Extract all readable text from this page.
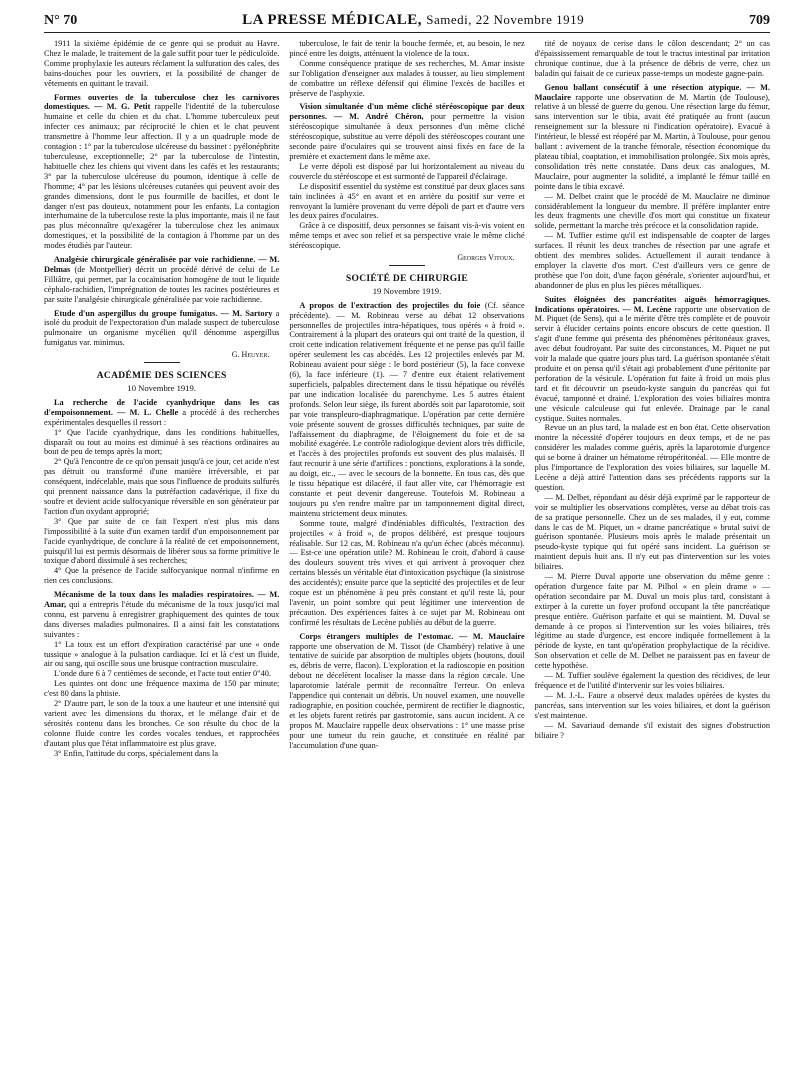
N° 70	LA PRESSE MÉDICALE, Samedi, 22 Novembre 1919	709

1911 la sixième épidémie de ce genre qui se produit au Havre. Chez le malade, le traitement de la gale suffit pour tuer le pédiculoïde. Comme prophylaxie les auteurs réclament la sulfuration des cales, des bains-douches pour les ouvriers, et la possibilité de changer de vêtements en quittant le travail.

Formes ouvertes de la tuberculose chez les carnivores domestiques. — M. G. Petit rappelle l'identité de la tuberculose humaine et celle du chien et du chat. L'homme tuberculeux peut infecter ces animaux; par réciprocité le chien et le chat peuvent transmettre à l'homme leur affection. Il y a un quadruple mode de contagion : 1° par la tuberculose ulcéreuse du bassinet : pyélonéphrite tuberculeuse, exceptionnelle; 2° par la tuberculose de l'intestin, habituelle chez les chiens qui vivent dans les cafés et les restaurants; 3° par la tuberculose ulcéreuse du poumon, identique à celle de l'homme; 4° par les lésions ulcéreuses cutanées qui peuvent avoir des grandes dimensions, dont le pus fourmille de bacilles, et dont le danger n'est pas douteux, notamment pour les enfants. La contagion interhumaine de la tuberculose reste la plus importante, mais il ne faut pas plus méconnaître qu'exagérer la tuberculose chez les animaux domestiques, et la possibilité de la contagion à l'homme par un des modes étudiés par l'auteur.

Analgésie chirurgicale généralisée par voie rachidienne. — M. Delmas (de Montpellier) décrit un procédé dérivé de celui de Le Filliâtre, qui permet, par la cocaïnisation homogène de tout le liquide céphalo-rachidien, l'imprégnation de toutes les racines postérieures et par suite l'analgésie chirurgicale généralisée par voie rachidienne.

Etude d'un aspergillus du groupe fumigatus. — M. Sartory a isolé du produit de l'expectoration d'un malade suspect de tuberculose pulmonaire un organisme mycélien qu'il dénomme aspergillus fumigatus var. minimus.

G. Heuyer.
ACADÉMIE DES SCIENCES
10 Novembre 1919.

La recherche de l'acide cyanhydrique dans les cas d'empoisonnement. — M. L. Chelle a procédé à des recherches expérimentales desquelles il ressort :

1° Que l'acide cyanhydrique, dans les conditions habituelles, disparaît ou tout au moins est diminué à ses réactions ordinaires au bout de peu de temps après la mort;

2° Qu'à l'encontre de ce qu'on pensait jusqu'à ce jour, cet acide n'est pas détruit ou transformé d'une manière irréversible, et par conséquent, indécelable, mais que sous l'influence de produits sulfurés qui prennent naissance dans la putréfaction cadavérique, il fixe du soufre et devient acide sulfocyanique réversible en son générateur par l'action d'un oxydant approprié;

3° Que par suite de ce fait l'expert n'est plus mis dans l'impossibilité à la suite d'un examen tardif d'un empoisonnement par l'acide cyanhydrique, de conclure à la réalité de cet empoisonnement, puisqu'il lui est permis désormais de libérer sous sa forme primitive le toxique d'abord dissimulé à ses recherches;

4° Que la présence de l'acide sulfocyanique normal n'infirme en rien ces conclusions.

Mécanisme de la toux dans les maladies respiratoires. — M. Amar, qui a entrepris l'étude du mécanisme de la toux jusqu'ici mal connu, est parvenu à enregistrer graphiquement des quintes de toux dans diverses maladies pulmonaires. Il a ainsi fait les constatations suivantes :

1° La toux est un effort d'expiration caractérisé par une « onde tussique » analogue à la pulsation cardiaque. Ici et là c'est un fluide, air ou sang, qui oscille sous une brusque contraction musculaire.

L'onde dure 6 à 7 centièmes de seconde, et l'acte tout entier 0"40.

Les quintes ont donc une fréquence maxima de 150 par minute; c'est 80 dans la phtisie.

2° D'autre part, le son de la toux a une hauteur et une intensité qui varient avec les dimensions du thorax, et le mélange d'air et de sérosités contenu dans les bronches. Ce son résulte du choc de la colonne fluide contre les cordes vocales tendues, et rapprochées d'autant plus que l'état inflammatoire est plus grave.

3° Enfin, l'attitude du corps, spécialement dans la

tuberculose, le fait de tenir la bouche fermée, et, au besoin, le nez pincé entre les doigts, atténuent la violence de la toux.

Comme conséquence pratique de ses recherches, M. Amar insiste sur l'obligation d'enseigner aux malades à tousser, au lieu simplement de combattre un réflexe défensif qui élimine l'excès de bacilles et préserve de l'asphyxie.

Vision simultanée d'un même cliché stéréoscopique par deux personnes. — M. André Chéron, pour permettre la vision stéréoscopique simultanée à deux personnes d'un même cliché stéréoscopique, substitue au verre dépoli des stéréoscopes courant une seconde paire d'oculaires qui se trouvent ainsi fixés en face de la première et exactement dans le même axe.

Le verre dépoli est disposé par lui horizontalement au niveau du couvercle du stéréoscope et est surmonté de l'appareil d'éclairage.

Le dispositif essentiel du système est constitué par deux glaces sans tain inclinées à 45° en avant et en arrière du positif sur verre et renvoyant la lumière provenant du verre dépoli de part et d'autre vers les deux paires d'oculaires.

Grâce à ce dispositif, deux personnes se faisant vis-à-vis voient en même temps et avec son relief et sa perspective vraie le même cliché stéréoscopique.

Georges Vitoux.
SOCIÉTÉ DE CHIRURGIE
19 Novembre 1919.

A propos de l'extraction des projectiles du foie (Cf. séance précédente). — M. Robineau verse au débat 12 observations personnelles de projectiles intra-hépatiques, tous opérés « à froid ». Contrairement à la plupart des orateurs qui ont traité de la question, il croit cette indication relativement fréquente et ne pense pas qu'il faille opérer seulement les cas abcédés. Les 12 projectiles enlevés par M. Robineau avaient pour siège : le bord postérieur (5), la face convexe (6), la face inférieure (1). — 7 d'entre eux étaient relativement superficiels, palpables directement dans le tissu hépatique ou révélés par une indication localisée du parenchyme. Les 5 autres étaient profonds. Selon leur siège, ils furent abordés soit par laparotomie, soit par voie transpleuro-diaphragmatique. L'opération par cette dernière voie présente souvent de grosses difficultés techniques, par suite de l'affaissement du diaphragme, de l'éloignement du foie et de sa mobilité exagérée. Le contrôle radiologique devient alors très difficile, et l'accès à des projectiles profonds est souvent des plus malaisés. Il faut recourir à une série d'artifices : ponctions, explorations à la sonde, au doigt, etc., — avec le secours de la bonnette. En tous cas, dès que le tissu hépatique est dilacéré, il faut aller vite, car l'hémorragie est constante et peut devenir dangereuse. Toutefois M. Robineau a toujours pu s'en rendre maître par un tamponnement digital direct, maintenu strictement deux minutes.

Somme toute, malgré d'indéniables difficultés, l'extraction des projectiles « à froid », de propos délibéré, est presque toujours réalisable. Sur 12 cas, M. Robineau n'a qu'un échec (abcès méconnu). — Est-ce une opération utile? M. Robineau le croit, d'abord à cause des douleurs souvent très vives et qui arrivent à provoquer chez certains blessés un véritable état d'intoxication psychique (la sinistrose des accidentés); ensuite parce que la septicité des projectiles et de leur coque est un phénomène à peu près constant et qu'il reste là, pour l'avenir, un point sombre qui peut légitimer une intervention de précaution. Des expériences faites à ce sujet par M. Robineau ont confirmé les résultats de Lecène publiés au début de la guerre.

Corps étrangers multiples de l'estomac. — M. Mauclaire rapporte une observation de M. Tissot (de Chambéry) relative à une tentative de suicide par absorption de multiples objets (boutons, douil es, débris de verre, flacon). L'exploration et la radioscopie en position debout ne décelèrent localiser la masse dans la région cæcale. Une laparotomie latérale permit de reconnaître l'erreur. On enleva l'appendice qui contenait un débris. Un nouvel examen, une nouvelle radiographie, en position couchée, permirent de rectifier le diagnostic, et les objets furent retirés par gastrotomie, sans aucun incident. A ce propos M. Mauclaire rappelle deux observations : 1° une masse prise pour une tumeur du rein gauche, et constituée en réalité par l'accumulation d'une quan-

tité de noyaux de cerise dans le côlon descendant; 2° un cas d'épaississement remarquable de tout le tractus intestinal par irritation chronique continue, due à la présence de débris de verre, chez un baladin qui faisait de ce curieux passe-temps un modeste gagne-pain.

Genou ballant consécutif à une résection atypique. — M. Mauclaire rapporte une observation de M. Martin (de Toulouse), relative à un blessé de guerre du genou. Une résection large du fémur, sans intervention sur le tibia, avait été pratiquée au front (aucun renseignement sur la blessure ni l'indication opératoire). Evacué à l'intérieur, le blessé est réopéré par M. Martin, à Toulouse, pour genou ballant : avivement de la tranche fémorale, résection économique du plateau tibial, coaptation, et immobilisation prolongée. Six mois après, consolidation très nette constatée. Dans deux cas analogues, M. Mauclaire, pour augmenter la solidité, a implanté le fémur taillé en pointe dans le tibia excavé.

— M. Delbet craint que le procédé de M. Mauclaire ne diminue considérablement la longueur du membre. Il préfère implanter entre les deux fragments une cheville d'os mort qui constitue un fixateur solide, permettant la marche très précoce et la consolidation rapide.

— M. Tuffier estime qu'il est indispensable de coapter de larges surfaces. Il réunit les deux tranches de résection par une agrafe et obtient des membres solides. Actuellement il aurait tendance à employer la clavette d'os mort. C'est d'ailleurs vers ce genre de prothèse que l'on doit, d'une façon générale, s'orienter aujourd'hui, et abandonner de plus en plus les pièces métalliques.

Suites éloignées des pancréatites aiguës hémorragiques. Indications opératoires. — M. Lecène rapporte une observation de M. Piquet (de Sens), qui a le mérite d'être très complète et de pouvoir servir à élucider certains points encore obscurs de cette question. Il s'agit d'une femme qui présenta des phénomènes péritonéaux graves, avec début foudroyant. Par suite des circonstances, M. Piquet ne put voir la malade que quatre jours plus tard. La guérison spontanée s'était produite et on pensa qu'il s'était agi probablement d'une péritonite par perforation de la vésicule. L'opération fut faite à froid un mois plus tard et fit découvrir un pseudo-kyste sanguin du pancréas qui fut évacué, tamponné et drainé. L'exploration des voies biliaires montra une vésicule calculeuse qui fut enlevée. Drainage par le canal cystique. Suites normales.

Revue un an plus tard, la malade est en bon état. Cette observation montre la nécessité d'opérer toujours en deux temps, et de ne pas considérer les malades comme guéris, après la laparotomie d'urgence qui se borne à drainer un hématome rétropéritonéal. — Elle montre de plus l'importance de l'exploration des voies biliaires, sur laquelle M. Lecène a déjà attiré l'attention dans ses précédents rapports sur la question.

— M. Delbet, répondant au désir déjà exprimé par le rapporteur de voir se multiplier les observations complètes, verse au débat trois cas de sa pratique personnelle. Chez un de ses malades, il y eut, comme dans le cas de M. Piquet, un « drame pancréatique » brutal suivi de guérison spontanée. Plusieurs mois après le malade présentait un pseudo-kyste typique qui fut opéré sans incident. La guérison se maintient depuis huit ans. Il n'y eut pas d'intervention sur les voies biliaires.

— M. Pierre Duval apporte une observation du même genre : opération d'urgence faite par M. Pilhol « en plein drame » — opération secondaire par M. Duval un mois plus tard, consistant à extirper à la curette un foyer profond occupant la tête pancréatique presque entière. Guérison parfaite et qui se maintient. M. Duval se demande à ce propos si l'intervention sur les voies biliaires, très légitime au stade d'urgence, est encore indiquée formellement à la période de kyste, en tant qu'opération prophylactique de la récidive. Son observation et celle de M. Delbet ne paraissent pas en faveur de cette hypothèse.

— M. Tuffier soulève également la question des récidives, de leur fréquence et de l'utilité d'intervenir sur les voies biliaires.

— M. J.-L. Faure a observé deux malades opérées de kystes du pancréas, sans intervention sur les voies biliaires, et dont la guérison s'est maintenue.

— M. Savariaud demande s'il existait des signes d'obstruction biliaire ?
